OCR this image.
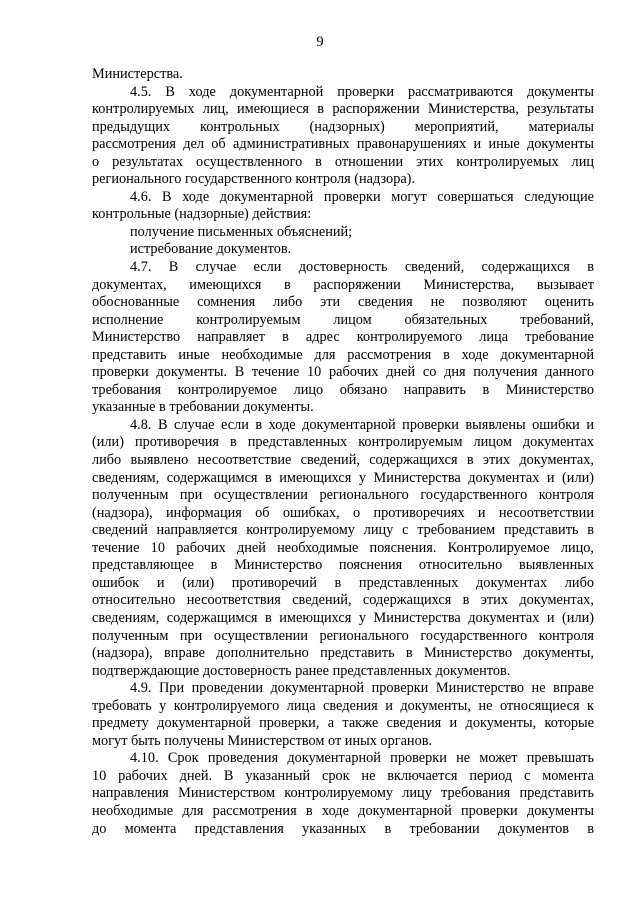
9
Министерства.
4.5. В ходе документарной проверки рассматриваются документы
контролируемых лиц, имеющиеся в распоряжении Министерства, результаты
предыдущих контрольных (надзорных) мероприятий, материалы
рассмотрения дел об административных правонарушениях и иные документы
о результатах осуществленного в отношении этих контролируемых лиц
регионального государственного контроля (надзора).
4.6. В ходе документарной проверки могут совершаться следующие
контрольные (надзорные) действия:
получение письменных объяснений;
истребование документов.
4.7. В случае если достоверность сведений, содержащихся в
документах, имеющихся в распоряжении Министерства, вызывает
обоснованные сомнения либо эти сведения не позволяют оценить
исполнение контролируемым лицом обязательных требований,
Министерство направляет в адрес контролируемого лица требование
представить иные необходимые для рассмотрения в ходе документарной
проверки документы. В течение 10 рабочих дней со дня получения данного
требования контролируемое лицо обязано направить в Министерство
указанные в требовании документы.
4.8. В случае если в ходе документарной проверки выявлены ошибки и
(или) противоречия в представленных контролируемым лицом документах
либо выявлено несоответствие сведений, содержащихся в этих документах,
сведениям, содержащимся в имеющихся у Министерства документах и (или)
полученным при осуществлении регионального государственного контроля
(надзора), информация об ошибках, о противоречиях и несоответствии
сведений направляется контролируемому лицу с требованием представить в
течение 10 рабочих дней необходимые пояснения. Контролируемое лицо,
представляющее в Министерство пояснения относительно выявленных
ошибок и (или) противоречий в представленных документах либо
относительно несоответствия сведений, содержащихся в этих документах,
сведениям, содержащимся в имеющихся у Министерства документах и (или)
полученным при осуществлении регионального государственного контроля
(надзора), вправе дополнительно представить в Министерство документы,
подтверждающие достоверность ранее представленных документов.
4.9. При проведении документарной проверки Министерство не вправе
требовать у контролируемого лица сведения и документы, не относящиеся к
предмету документарной проверки, а также сведения и документы, которые
могут быть получены Министерством от иных органов.
4.10. Срок проведения документарной проверки не может превышать
10 рабочих дней. В указанный срок не включается период с момента
направления Министерством контролируемому лицу требования представить
необходимые для рассмотрения в ходе документарной проверки документы
до момента представления указанных в требовании документов в
